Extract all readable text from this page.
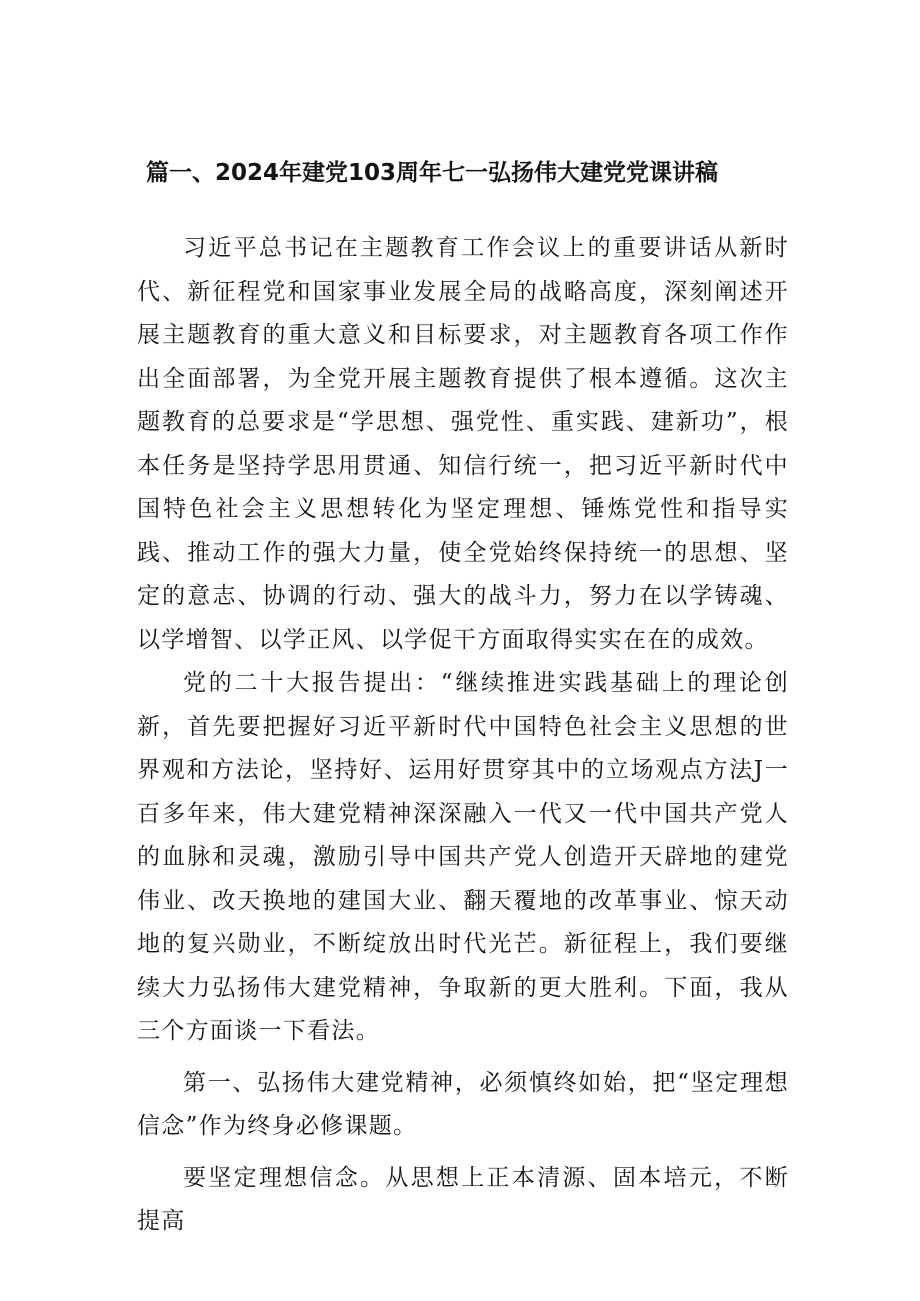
篇一、2024年建党103周年七一弘扬伟大建党党课讲稿

习近平总书记在主题教育工作会议上的重要讲话从新时代、新征程党和国家事业发展全局的战略高度，深刻阐述开展主题教育的重大意义和目标要求，对主题教育各项工作作出全面部署，为全党开展主题教育提供了根本遵循。这次主题教育的总要求是“学思想、强党性、重实践、建新功”，根本任务是坚持学思用贯通、知信行统一，把习近平新时代中国特色社会主义思想转化为坚定理想、锤炼党性和指导实践、推动工作的强大力量，使全党始终保持统一的思想、坚定的意志、协调的行动、强大的战斗力，努力在以学铸魂、以学增智、以学正风、以学促干方面取得实实在在的成效。

党的二十大报告提出：“继续推进实践基础上的理论创新，首先要把握好习近平新时代中国特色社会主义思想的世界观和方法论，坚持好、运用好贯穿其中的立场观点方法J一百多年来，伟大建党精神深深融入一代又一代中国共产党人的血脉和灵魂，激励引导中国共产党人创造开天辟地的建党伟业、改天换地的建国大业、翻天覆地的改革事业、惊天动地的复兴勋业，不断绽放出时代光芒。新征程上，我们要继续大力弘扬伟大建党精神，争取新的更大胜利。下面，我从三个方面谈一下看法。

第一、弘扬伟大建党精神，必须慎终如始，把“坚定理想信念”作为终身必修课题。

要坚定理想信念。从思想上正本清源、固本培元，不断提高
